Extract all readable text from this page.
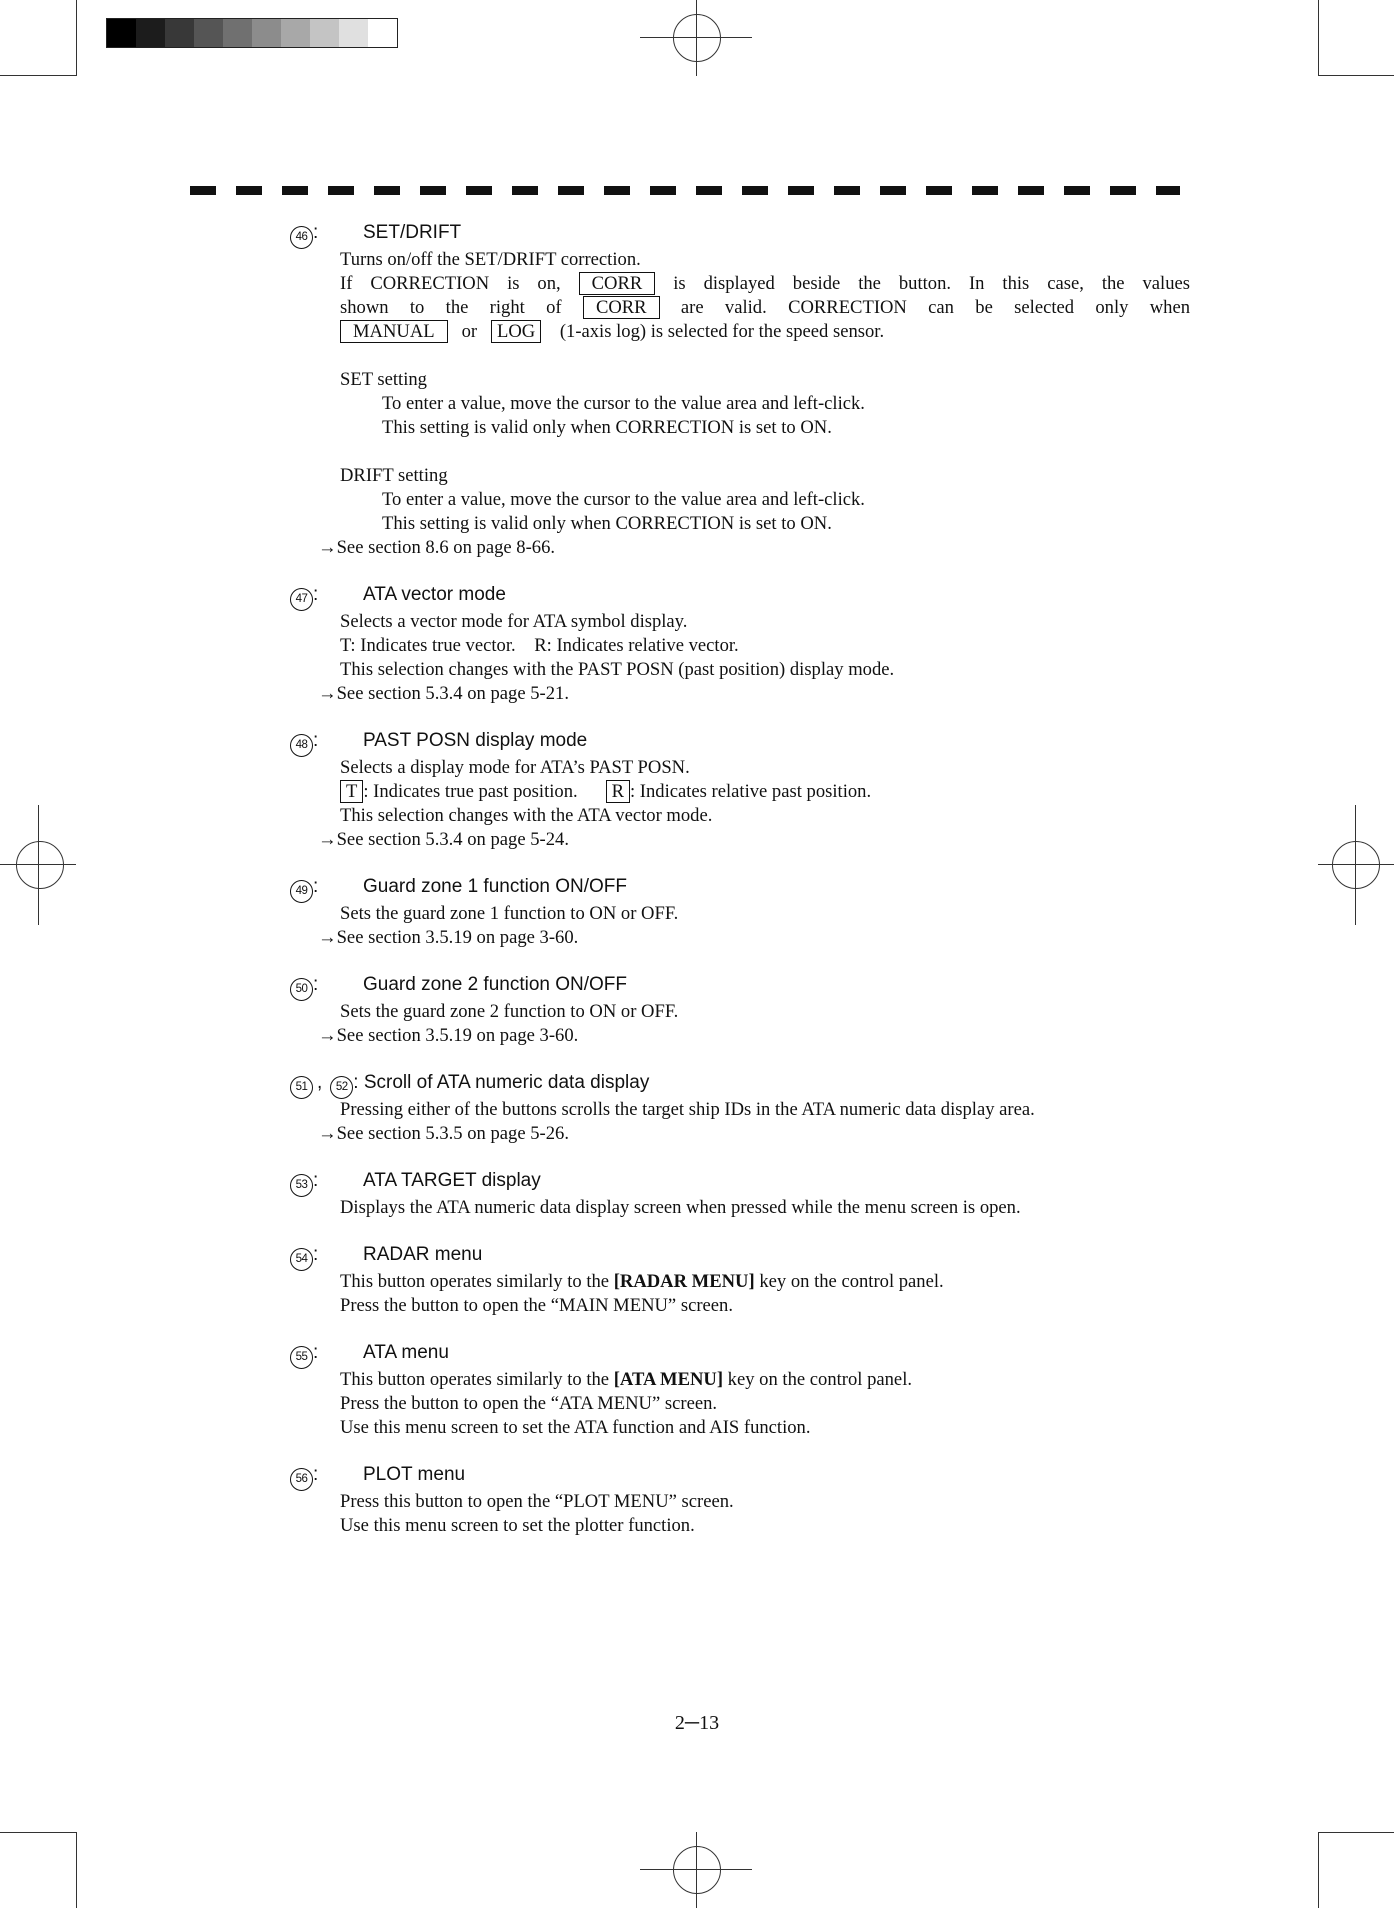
46 :	SET/DRIFT
Turns on/off the SET/DRIFT correction.
If CORRECTION is on, CORR is displayed beside the button. In this case, the values
shown to the right of CORR are valid. CORRECTION can be selected only when
MANUAL or LOG (1-axis log) is selected for the speed sensor.
SET setting
To enter a value, move the cursor to the value area and left-click.
This setting is valid only when CORRECTION is set to ON.
DRIFT setting
To enter a value, move the cursor to the value area and left-click.
This setting is valid only when CORRECTION is set to ON.
→See section 8.6 on page 8-66.
47 :	ATA vector mode
Selects a vector mode for ATA symbol display.
T: Indicates true vector.    R: Indicates relative vector.
This selection changes with the PAST POSN (past position) display mode.
→See section 5.3.4 on page 5-21.
48 :	PAST POSN display mode
Selects a display mode for ATA’s PAST POSN.
T : Indicates true past position. R : Indicates relative past position.
This selection changes with the ATA vector mode.
→See section 5.3.4 on page 5-24.
49 :	Guard zone 1 function ON/OFF
Sets the guard zone 1 function to ON or OFF.
→See section 3.5.19 on page 3-60.
50 :	Guard zone 2 function ON/OFF
Sets the guard zone 2 function to ON or OFF.
→See section 3.5.19 on page 3-60.
51 ,	52 : Scroll of ATA numeric data display
Pressing either of the buttons scrolls the target ship IDs in the ATA numeric data display area.
→See section 5.3.5 on page 5-26.
53 :	ATA TARGET display
Displays the ATA numeric data display screen when pressed while the menu screen is open.
54 :	RADAR menu
This button operates similarly to the [RADAR MENU] key on the control panel.
Press the button to open the “MAIN MENU” screen.
55 :	ATA menu
This button operates similarly to the [ATA MENU] key on the control panel.
Press the button to open the “ATA MENU” screen.
Use this menu screen to set the ATA function and AIS function.
56 :	PLOT menu
Press this button to open the “PLOT MENU” screen.
Use this menu screen to set the plotter function.
2─13
